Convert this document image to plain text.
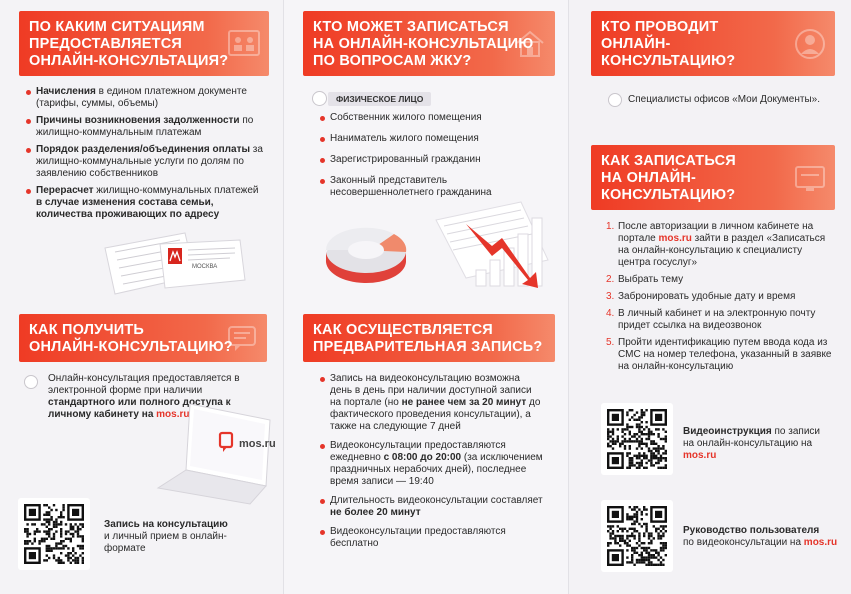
ПО КАКИМ СИТУАЦИЯМ
ПРЕДОСТАВЛЯЕТСЯ
ОНЛАЙН-КОНСУЛЬТАЦИЯ?
Начисления в едином платежном документе (тарифы, суммы, объемы)
Причины возникновения задолженности по жилищно-коммунальным платежам
Порядок разделения/объединения оплаты за жилищно-коммунальные услуги по долям по заявлению собственников
Перерасчет жилищно-коммунальных платежей в случае изменения состава семьи, количества проживающих по адресу
МОСКВА
КАК ПОЛУЧИТЬ
ОНЛАЙН-КОНСУЛЬТАЦИЮ?
Онлайн-консультация предоставляется в электронной форме при наличии стандартного или полного доступа к личному кабинету на mos.ru
mos.ru
Запись на консультацию
и личный прием в онлайн-формате
КТО МОЖЕТ ЗАПИСАТЬСЯ
НА ОНЛАЙН-КОНСУЛЬТАЦИЮ
ПО ВОПРОСАМ ЖКУ?
ФИЗИЧЕСКОЕ ЛИЦО
Собственник жилого помещения
Наниматель жилого помещения
Зарегистрированный гражданин
Законный представитель несовершеннолетнего гражданина
КАК ОСУЩЕСТВЛЯЕТСЯ
ПРЕДВАРИТЕЛЬНАЯ ЗАПИСЬ?
Запись на видеоконсультацию возможна день в день при наличии доступной записи на портале (но не ранее чем за 20 минут до фактического проведения консультации), а также на следующие 7 дней
Видеоконсультации предоставляются ежедневно с 08:00 до 20:00 (за исключением праздничных нерабочих дней), последнее время записи — 19:40
Длительность видеоконсультации составляет не более 20 минут
Видеоконсультации предоставляются бесплатно
КТО ПРОВОДИТ
ОНЛАЙН-
КОНСУЛЬТАЦИЮ?
Специалисты офисов «Мои Документы».
КАК ЗАПИСАТЬСЯ
НА ОНЛАЙН-
КОНСУЛЬТАЦИЮ?
1. После авторизации в личном кабинете на портале mos.ru зайти в раздел «Записаться на онлайн-консультацию к специалисту центра госуслуг»
2. Выбрать тему
3. Забронировать удобные дату и время
4. В личный кабинет и на электронную почту придет ссылка на видеозвонок
5. Пройти идентификацию путем ввода кода из СМС на номер телефона, указанный в заявке на онлайн-консультацию
Видеоинструкция по записи на онлайн-консультацию на mos.ru
Руководство пользователя
по видеоконсультации на mos.ru
